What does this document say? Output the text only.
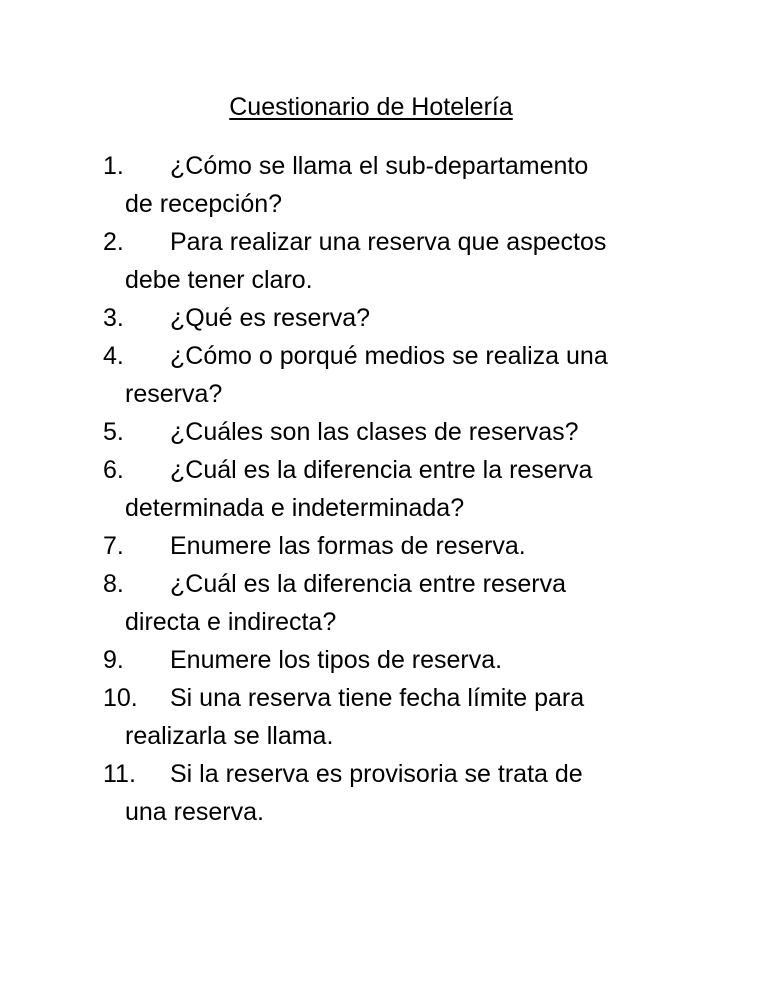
Cuestionario de Hotelería
1.	¿Cómo se llama el sub-departamento
de recepción?
2.	Para realizar una reserva que aspectos
debe tener claro.
3.	¿Qué es reserva?
4.	¿Cómo o porqué medios se realiza una
reserva?
5.	¿Cuáles son las clases de reservas?
6.	¿Cuál es la diferencia entre la reserva
determinada e indeterminada?
7.	Enumere las formas de reserva.
8.	¿Cuál es la diferencia entre reserva
directa e indirecta?
9.	Enumere los tipos de reserva.
10.	Si una reserva tiene fecha límite para
realizarla se llama.
11.	Si la reserva es provisoria se trata de
una reserva.
